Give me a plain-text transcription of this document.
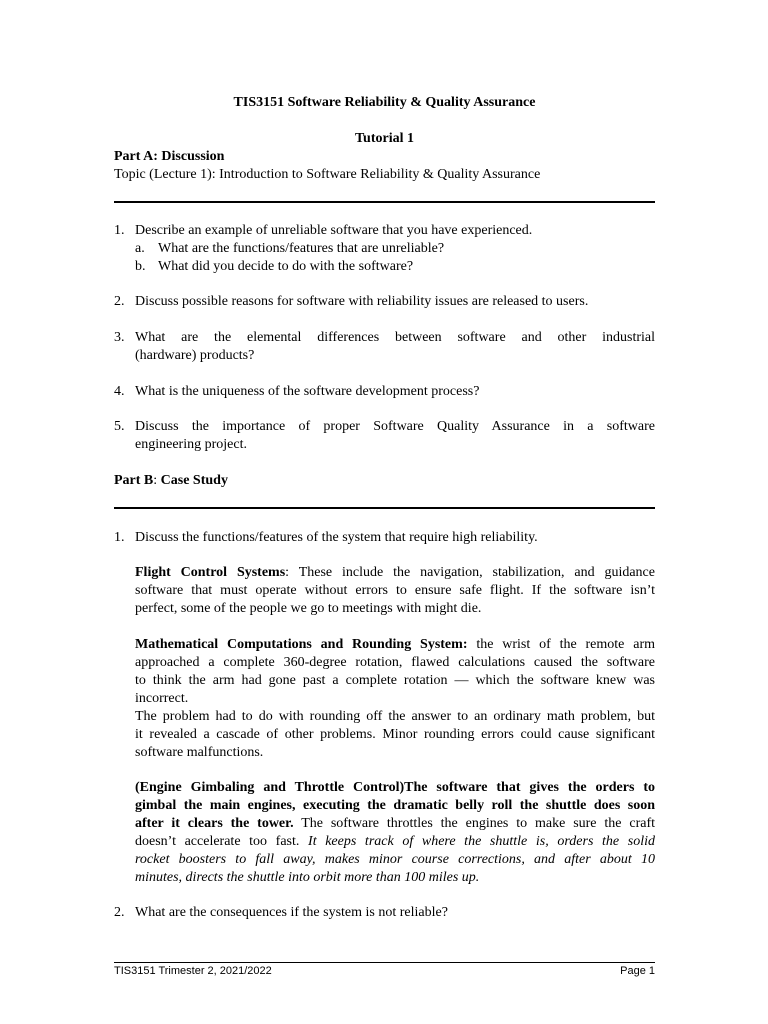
TIS3151 Software Reliability & Quality Assurance
Tutorial 1
Part A: Discussion
Topic (Lecture 1): Introduction to Software Reliability & Quality Assurance
1. Describe an example of unreliable software that you have experienced.
a. What are the functions/features that are unreliable?
b. What did you decide to do with the software?
2. Discuss possible reasons for software with reliability issues are released to users.
3. What are the elemental differences between software and other industrial
(hardware) products?
4. What is the uniqueness of the software development process?
5. Discuss the importance of proper Software Quality Assurance in a software
engineering project.
Part B: Case Study
1. Discuss the functions/features of the system that require high reliability.
Flight Control Systems: These include the navigation, stabilization, and guidance
software that must operate without errors to ensure safe flight. If the software isn’t
perfect, some of the people we go to meetings with might die.
Mathematical Computations and Rounding System: the wrist of the remote arm
approached a complete 360-degree rotation, flawed calculations caused the software
to think the arm had gone past a complete rotation — which the software knew was
incorrect.
The problem had to do with rounding off the answer to an ordinary math problem, but
it revealed a cascade of other problems. Minor rounding errors could cause significant
software malfunctions.
(Engine Gimbaling and Throttle Control)The software that gives the orders to
gimbal the main engines, executing the dramatic belly roll the shuttle does soon
after it clears the tower. The software throttles the engines to make sure the craft
doesn’t accelerate too fast. It keeps track of where the shuttle is, orders the solid
rocket boosters to fall away, makes minor course corrections, and after about 10
minutes, directs the shuttle into orbit more than 100 miles up.
2. What are the consequences if the system is not reliable?
TIS3151 Trimester 2, 2021/2022	Page 1
